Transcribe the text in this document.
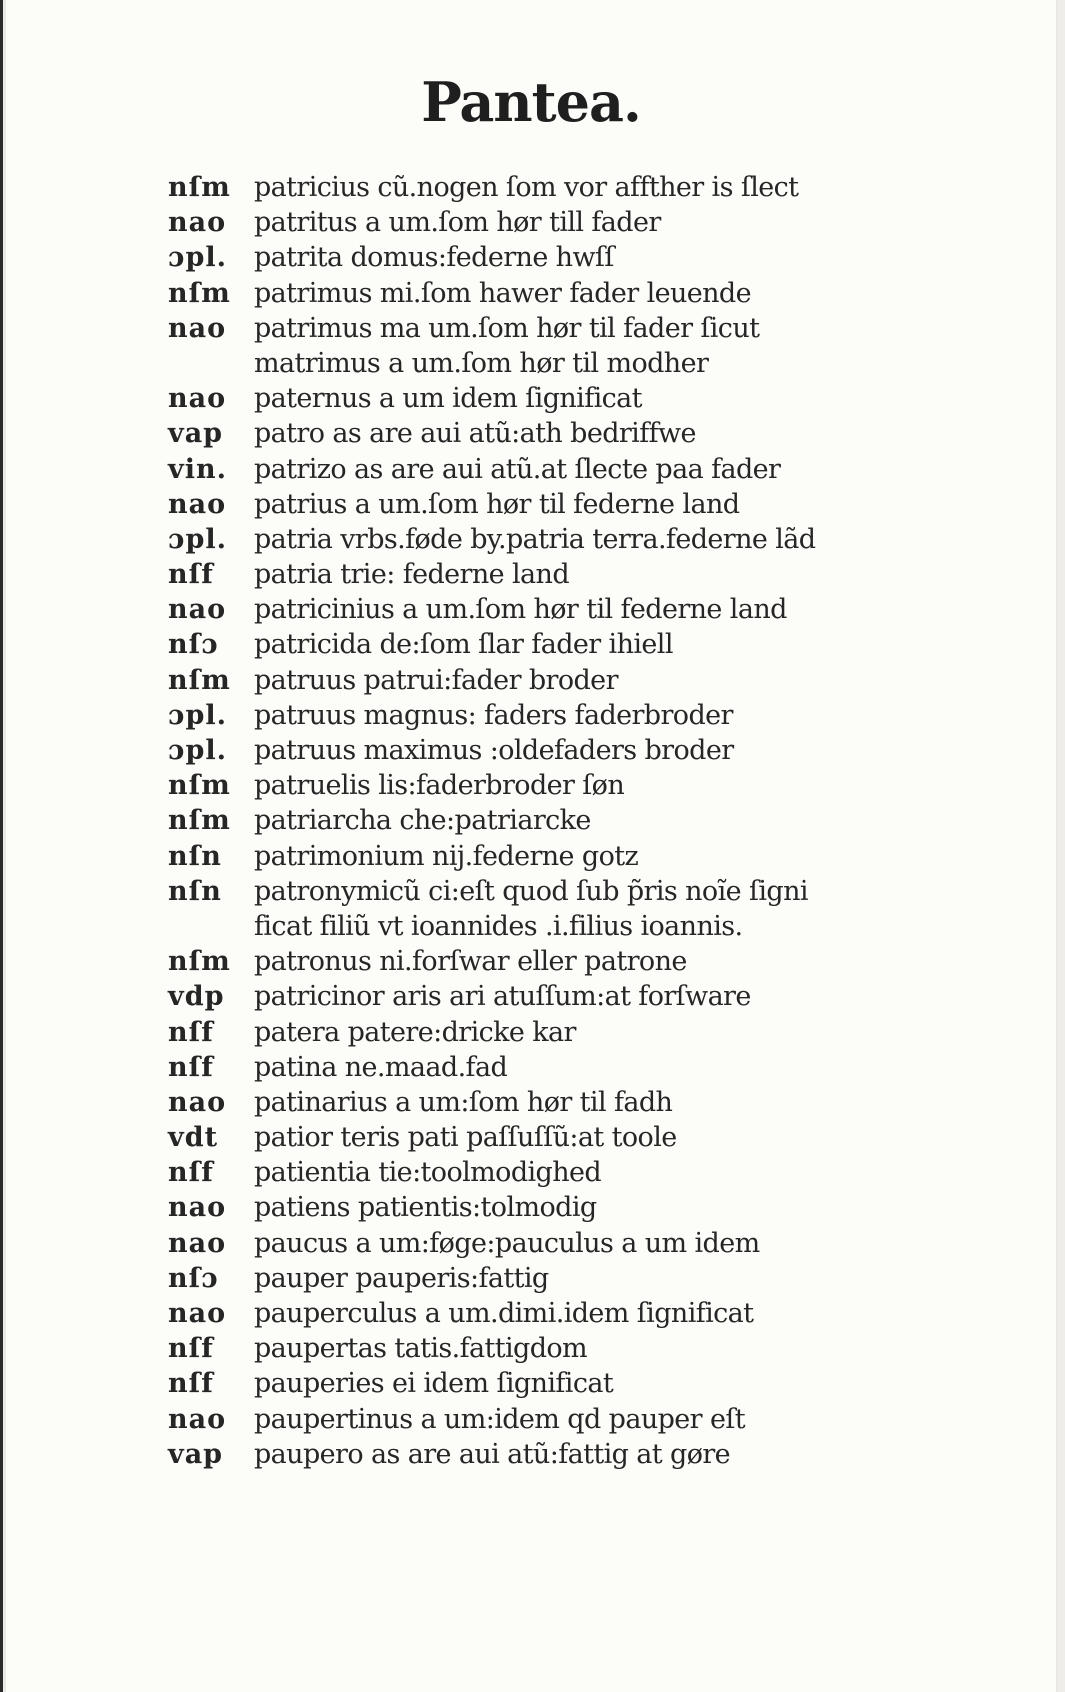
Pantea.
nſm patricius cũ.nogen ſom vor affther is ſlect
nao	patritus a um.ſom hør till fader
ɔpl.	patrita domus:federne hwſſ
nſm patrimus mi.ſom hawer fader leuende
nao	patrimus ma um.ſom hør til fader ſicut
matrimus a um.ſom hør til modher
nao	paternus a um idem ſignificat
vap	patro as are aui atũ:ath bedriffwe
vin.	patrizo as are aui atũ.at ſlecte paa fader
nao	patrius a um.ſom hør til federne land
ɔpl.	patria vrbs.føde by.patria terra.federne lãd
nſf	patria trie: federne land
nao	patricinius a um.ſom hør til federne land
nſɔ	patricida de:ſom ſlar fader ihiell
nſm patruus patrui:fader broder
ɔpl.	patruus magnus: faders faderbroder
ɔpl.	patruus maximus :oldefaders broder
nſm patruelis lis:faderbroder ſøn
nſm patriarcha che:patriarcke
nſn	patrimonium nij.federne gotz
nſn	patronymicũ ci:eſt quod ſub p̃ris noĩe ſigni
ficat filiũ vt ioannides .i.filius ioannis.
nſm patronus ni.forſwar eller patrone
vdp	patricinor aris ari atuſſum:at forſware
nſf	patera patere:dricke kar
nſf	patina ne.maad.fad
nao	patinarius a um:ſom hør til fadh
vdt	patior teris pati paſſuſſũ:at toole
nſf	patientia tie:toolmodighed
nao	patiens patientis:tolmodig
nao	paucus a um:føge:pauculus a um idem
nſɔ	pauper pauperis:fattig
nao	pauperculus a um.dimi.idem ſignificat
nſf	paupertas tatis.fattigdom
nſf	pauperies ei idem ſignificat
nao	paupertinus a um:idem qd pauper eſt
vap	paupero as are aui atũ:fattig at gøre
